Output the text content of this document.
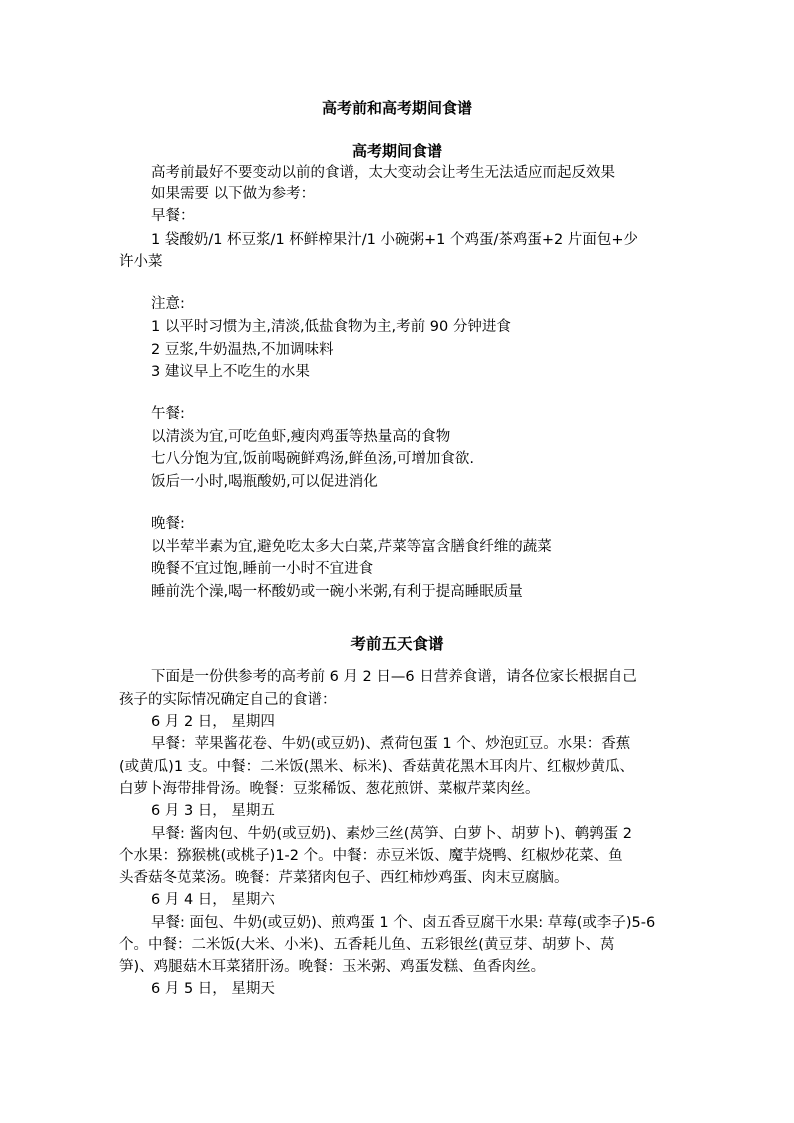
高考前和高考期间食谱

高考期间食谱

高考前最好不要变动以前的食谱，太大变动会让考生无法适应而起反效果

如果需要 以下做为参考：

早餐：

1 袋酸奶/1 杯豆浆/1 杯鲜榨果汁/1 小碗粥+1 个鸡蛋/茶鸡蛋+2 片面包+少

许小菜

注意:

1 以平时习惯为主,清淡,低盐食物为主,考前 90 分钟进食

2 豆浆,牛奶温热,不加调味料

3 建议早上不吃生的水果

午餐:

以清淡为宜,可吃鱼虾,瘦肉鸡蛋等热量高的食物

七八分饱为宜,饭前喝碗鲜鸡汤,鲜鱼汤,可增加食欲.

饭后一小时,喝瓶酸奶,可以促进消化

晚餐:

以半荤半素为宜,避免吃太多大白菜,芹菜等富含膳食纤维的蔬菜

晚餐不宜过饱,睡前一小时不宜进食

睡前洗个澡,喝一杯酸奶或一碗小米粥,有利于提高睡眠质量

考前五天食谱

下面是一份供参考的高考前 6 月 2 日—6 日营养食谱，请各位家长根据自己

孩子的实际情况确定自己的食谱：

6 月 2 日， 星期四

早餐：苹果酱花卷、牛奶(或豆奶)、煮荷包蛋 1 个、炒泡豇豆。水果：香蕉

(或黄瓜)1 支。中餐：二米饭(黑米、标米)、香菇黄花黑木耳肉片、红椒炒黄瓜、

白萝卜海带排骨汤。晚餐：豆浆稀饭、葱花煎饼、菜椒芹菜肉丝。

6 月 3 日， 星期五

早餐: 酱肉包、牛奶(或豆奶)、素炒三丝(莴笋、白萝卜、胡萝卜)、鹌鹑蛋 2

个水果：猕猴桃(或桃子)1-2 个。中餐：赤豆米饭、魔芋烧鸭、红椒炒花菜、鱼

头香菇冬苋菜汤。晚餐：芹菜猪肉包子、西红柿炒鸡蛋、肉末豆腐脑。

6 月 4 日， 星期六

早餐: 面包、牛奶(或豆奶)、煎鸡蛋 1 个、卤五香豆腐干水果: 草莓(或李子)5-6

个。中餐：二米饭(大米、小米)、五香耗儿鱼、五彩银丝(黄豆芽、胡萝卜、莴

笋)、鸡腿菇木耳菜猪肝汤。晚餐：玉米粥、鸡蛋发糕、鱼香肉丝。

6 月 5 日， 星期天
